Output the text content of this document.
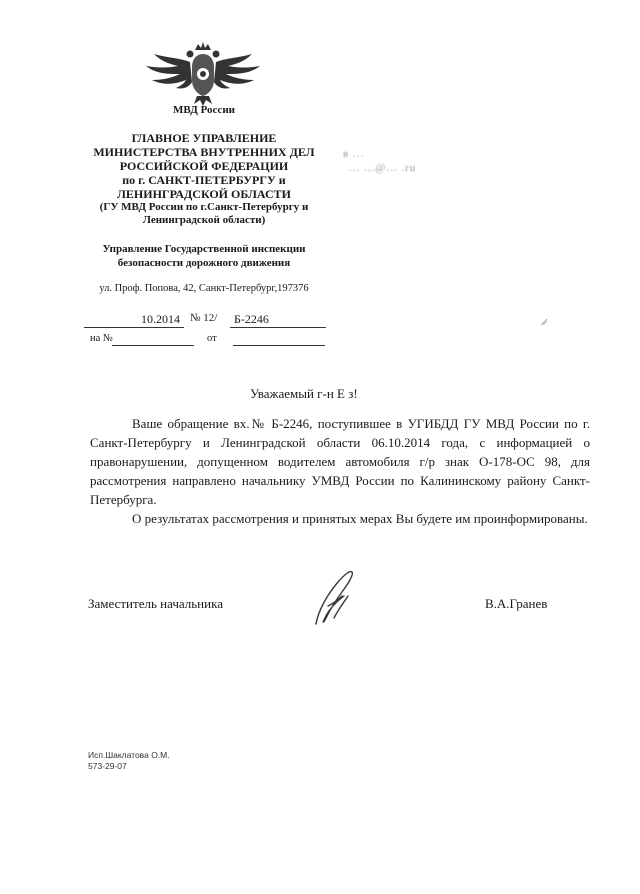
МВД России
ГЛАВНОЕ УПРАВЛЕНИЕ
МИНИСТЕРСТВА ВНУТРЕННИХ ДЕЛ
РОССИЙСКОЙ ФЕДЕРАЦИИ
по г. САНКТ-ПЕТЕРБУРГУ и
ЛЕНИНГРАДСКОЙ ОБЛАСТИ
(ГУ МВД России по г.Санкт-Петербургу и
Ленинградской области)
Управление Государственной инспекции
безопасности дорожного движения
ул. Проф. Попова, 42, Санкт-Петербург,197376
10.2014 № 12/	Б-2246
на №	от
в ...
... ...@... .ru
Уважаемый г-н Е з!

Ваше обращение вх.№ Б-2246, поступившее в УГИБДД ГУ МВД России по г. Санкт-Петербургу и Ленинградской области 06.10.2014 года, с информацией о правонарушении, допущенном водителем автомобиля г/р знак О-178-ОС 98, для рассмотрения направлено начальнику УМВД России по Калининскому району Санкт-Петербурга.

О результатах рассмотрения и принятых мерах Вы будете им проинформированы.

Заместитель начальника	В.А.Гранев
Исп.Шаклатова О.М.
573-29-07
